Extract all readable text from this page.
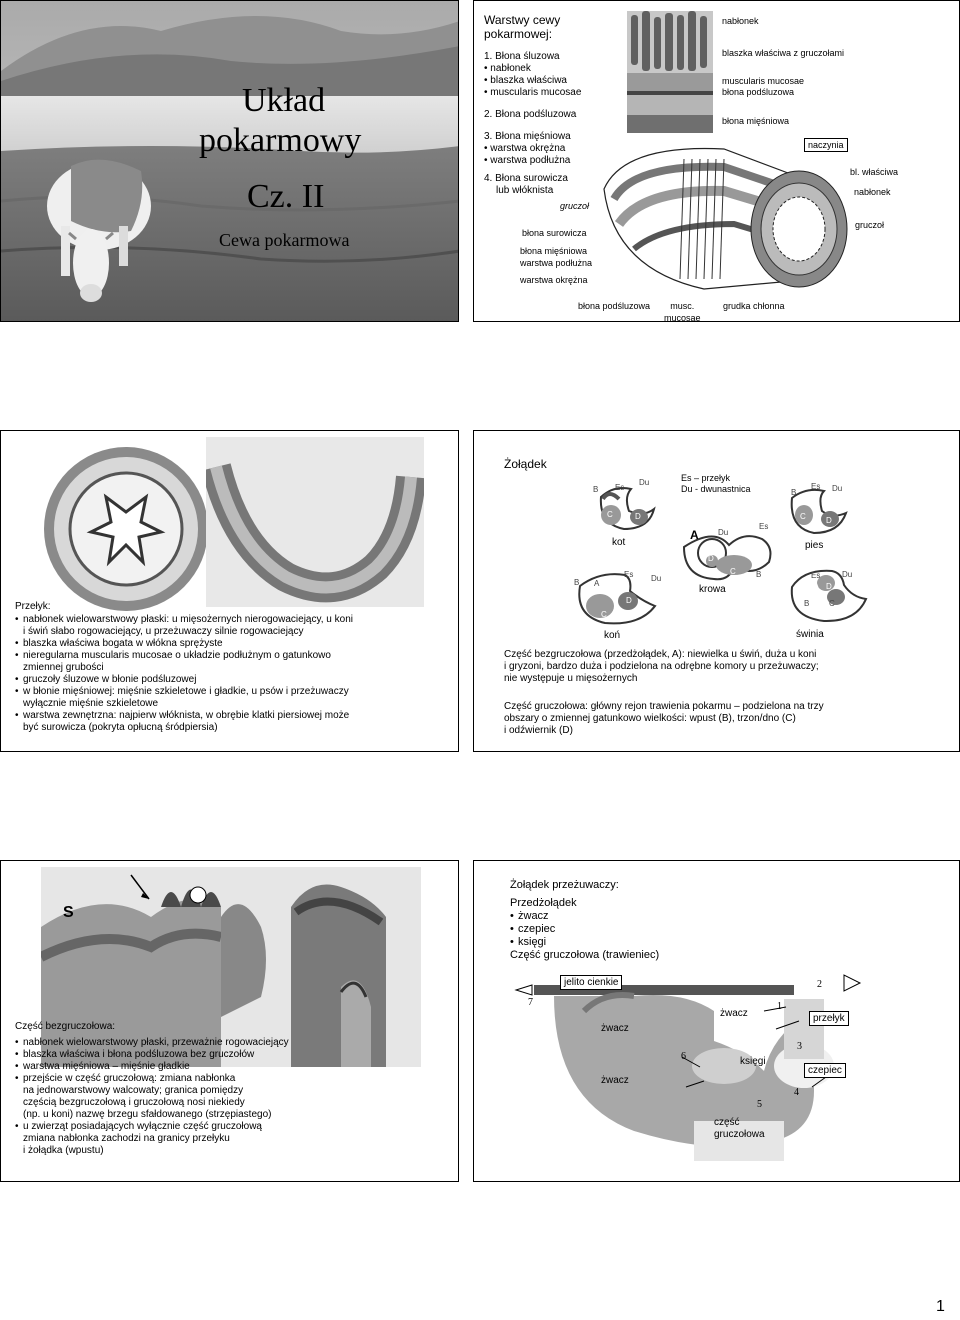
Układ
pokarmowy
Cz. II
Cewa pokarmowa
Warstwy cewy
pokarmowej:
1. Błona śluzowa
• nabłonek
• blaszka właściwa
• muscularis mucosae
2. Błona podśluzowa
3. Błona mięśniowa
• warstwa okrężna
• warstwa podłużna
4. Błona surowicza
lub włóknista
nabłonek
blaszka właściwa z gruczołami
muscularis mucosae
błona podśluzowa
błona mięśniowa
naczynia
bl. właściwa
nabłonek
gruczoł
gruczoł
błona surowicza
błona mięśniowa
warstwa podłużna
warstwa okrężna
błona podśluzowa	musc.
mucosae
grudka chłonna
Przełyk:
• nabłonek wielowarstwowy płaski: u mięsożernych nierogowaciejący, u koni
i świń słabo rogowaciejący, u przeżuwaczy silnie rogowaciejący
• blaszka właściwa bogata w włókna sprężyste
• nieregularna muscularis mucosae o układzie podłużnym o gatunkowo
zmiennej grubości
• gruczoły śluzowe w błonie podśluzowej
• w błonie mięśniowej: mięśnie szkieletowe i gładkie, u psów i przeżuwaczy
wyłącznie mięśnie szkieletowe
• warstwa zewnętrzna: najpierw włóknista, w obrębie klatki piersiowej może
być surowicza (pokryta opłucną śródpiersia)
Żołądek
Es – przełyk
Du - dwunastnica
B Es
Du
C	D
kot
B
Es Du
C	D
pies
A Du
Es
D
C	B
krowa
B A
Es Du
D
C
koń
Es	Du
A D
B C
świnia
Część bezgruczołowa (przedżołądek, A): niewielka u świń, duża u koni
i gryzoni, bardzo duża i podzielona na odrębne komory u przeżuwaczy;
nie występuje u mięsożernych
Część gruczołowa: główny rejon trawienia pokarmu – podzielona na trzy
obszary o zmiennej gatunkowo wielkości: wpust (B), trzon/dno (C)
i odźwiernik (D)
S
Część bezgruczołowa:
• nabłonek wielowarstwowy płaski, przeważnie rogowaciejący
• blaszka właściwa i błona podśluzowa bez gruczołów
• warstwa mięśniowa – mięśnie gładkie
• przejście w część gruczołową: zmiana nabłonka
na jednowarstwowy walcowaty; granica pomiędzy
częścią bezgruczołową i gruczołową nosi niekiedy
(np. u koni) nazwę brzegu sfałdowanego (strzępiastego)
• u zwierząt posiadających wyłącznie część gruczołową
zmiana nabłonka zachodzi na granicy przełyku
i żołądka (wpustu)
Żołądek przeżuwaczy:
Przedżołądek
• żwacz
• czepiec
• księgi
Część gruczołowa (trawieniec)
jelito cienkie
żwacz
żwacz
żwacz	przełyk
księgi
czepiec
część
gruczołowa
1
2
3
4
5
6
7
1
